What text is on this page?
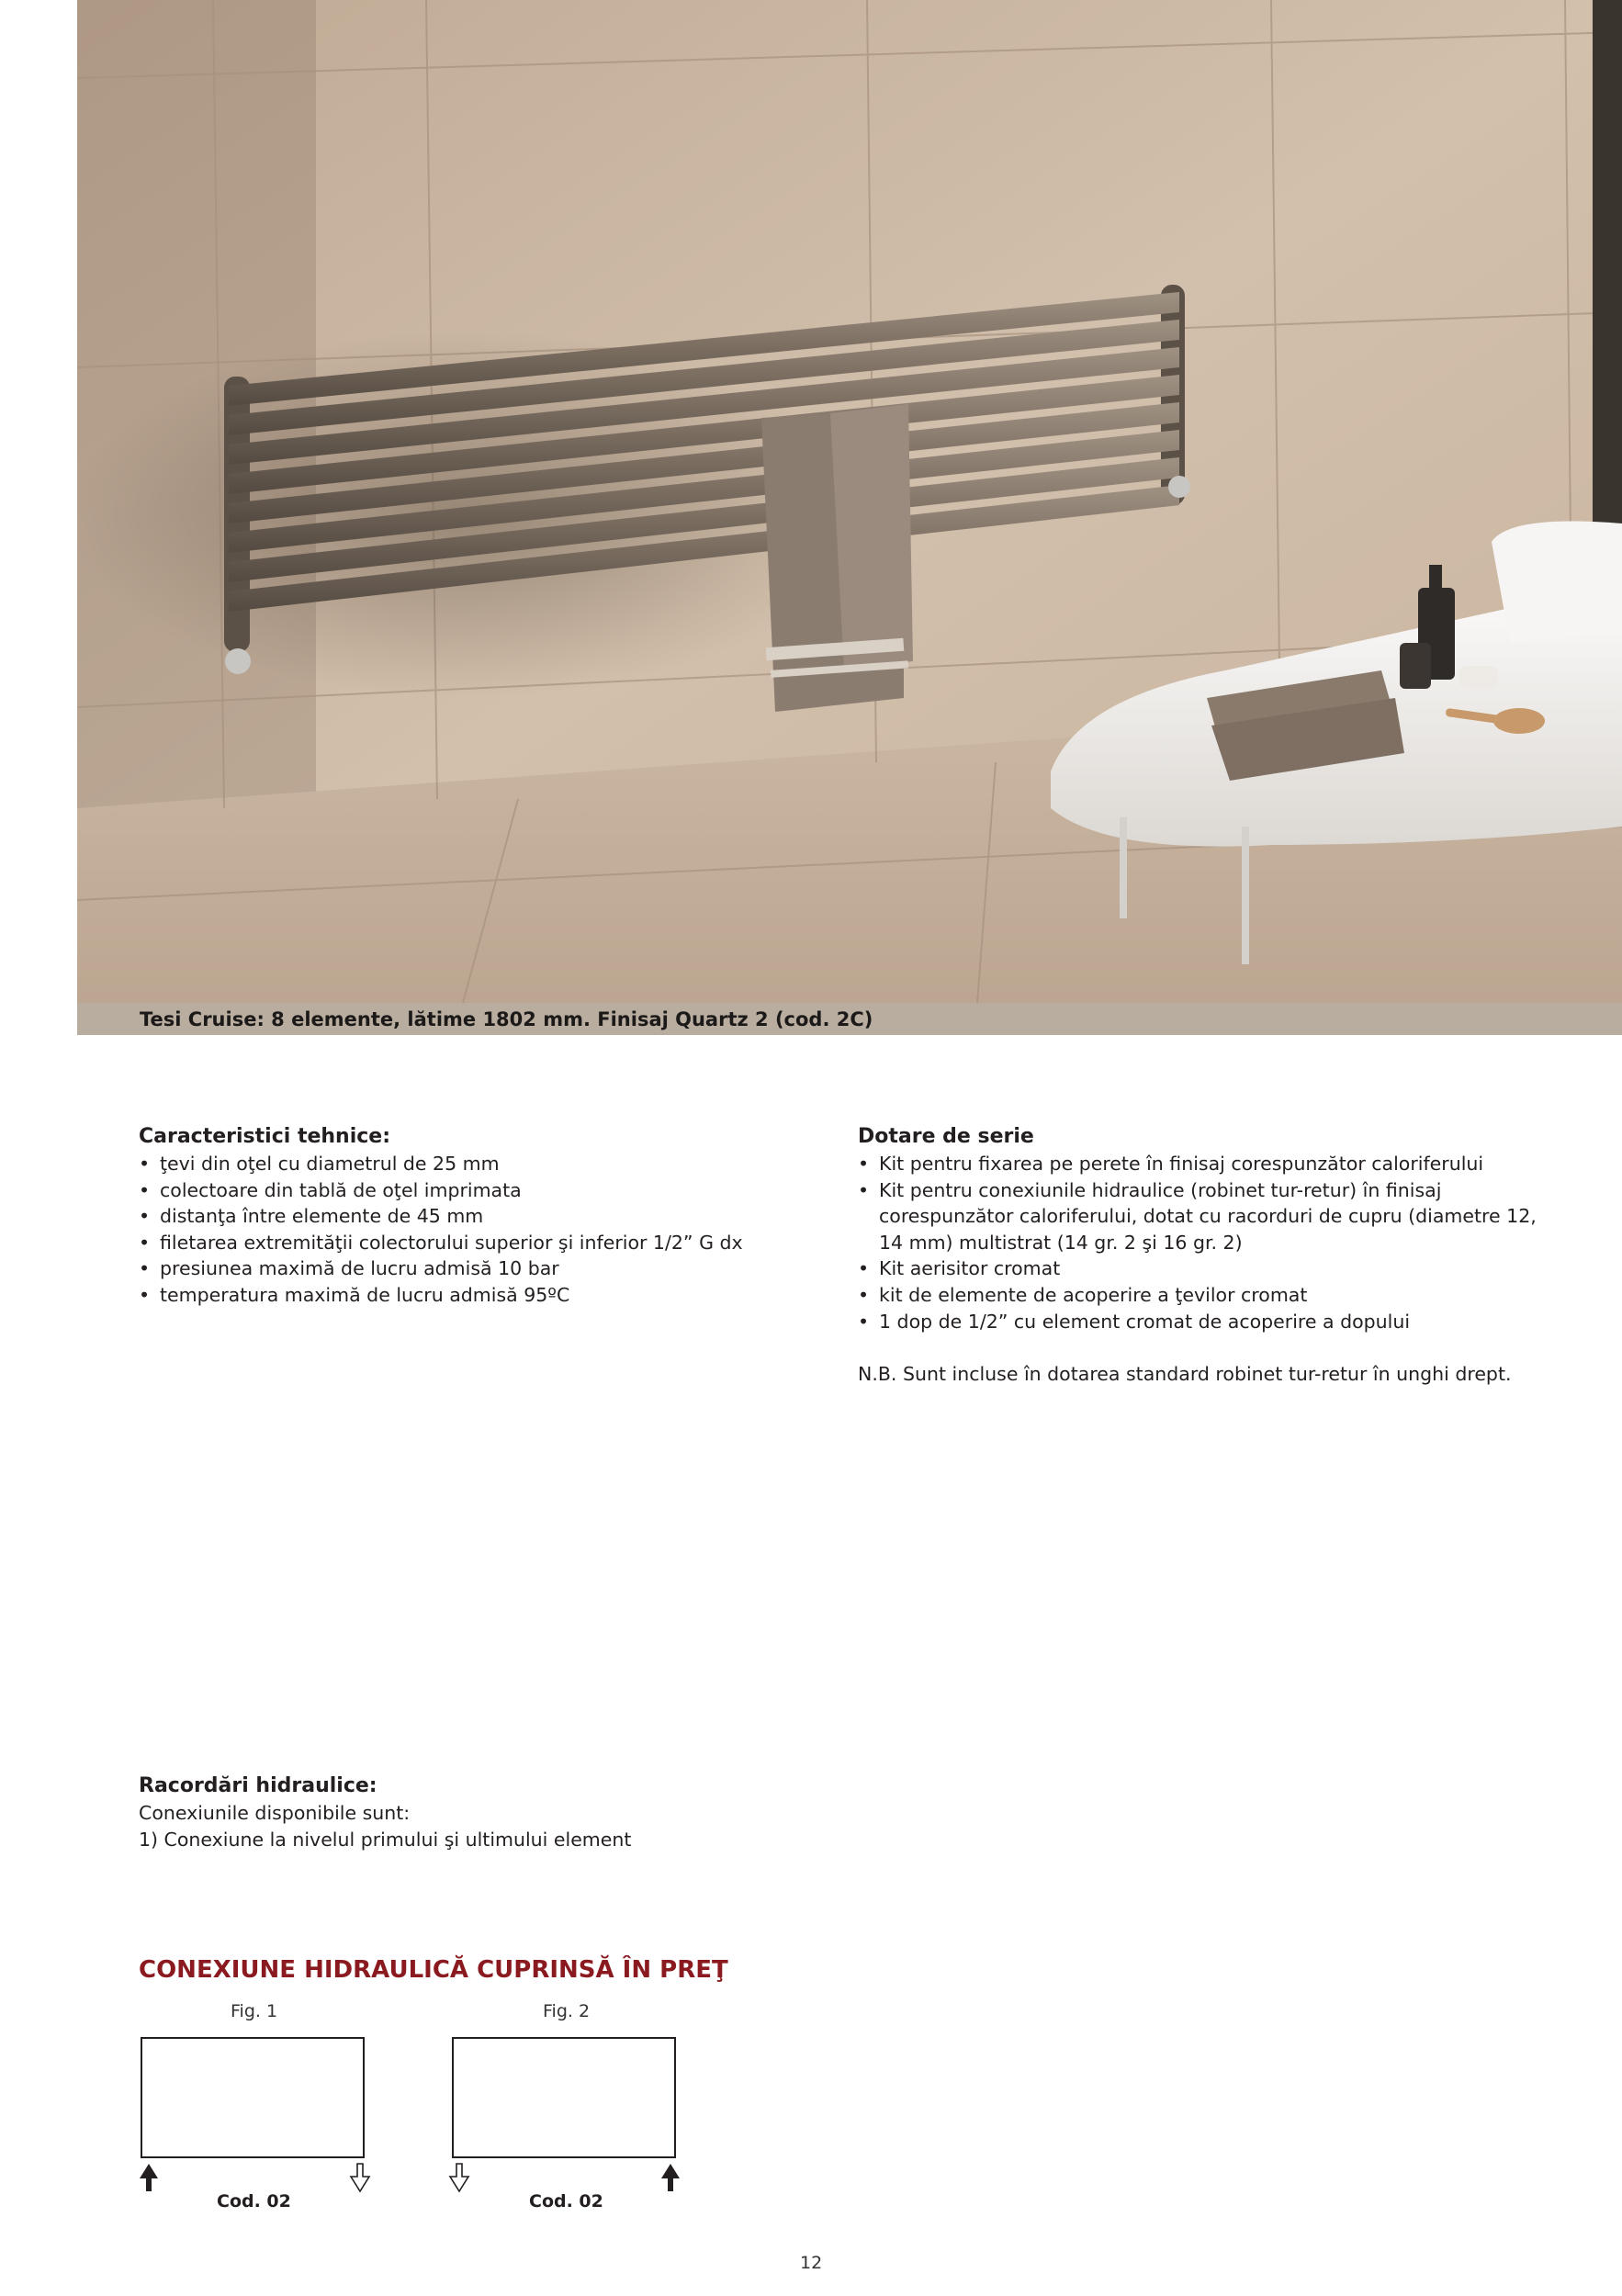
Tesi Cruise: 8 elemente, lătime 1802 mm. Finisaj Quartz 2 (cod. 2C)
Caracteristici tehnice:
• ţevi din oţel cu diametrul de 25 mm
• colectoare din tablă de oţel imprimata
• distanţa între elemente de 45 mm
• filetarea extremităţii colectorului superior şi inferior 1/2” G dx
• presiunea maximă de lucru admisă 10 bar
• temperatura maximă de lucru admisă 95ºC
Dotare de serie
• Kit pentru fixarea pe perete în finisaj corespunzător caloriferului
• Kit pentru conexiunile hidraulice (robinet tur-retur) în finisaj corespunzător caloriferului, dotat cu racorduri de cupru (diametre 12, 14 mm) multistrat (14 gr. 2 şi 16 gr. 2)
• Kit aerisitor cromat
• kit de elemente de acoperire a ţevilor cromat
• 1 dop de 1/2” cu element cromat de acoperire a dopului
N.B. Sunt incluse în dotarea standard robinet tur-retur în unghi drept.
Racordări hidraulice:
Conexiunile disponibile sunt:
1) Conexiune la nivelul primului şi ultimului element
CONEXIUNE HIDRAULICĂ CUPRINSĂ ÎN PREŢ
Fig. 1
Cod. 02
Fig. 2
Cod. 02
12
